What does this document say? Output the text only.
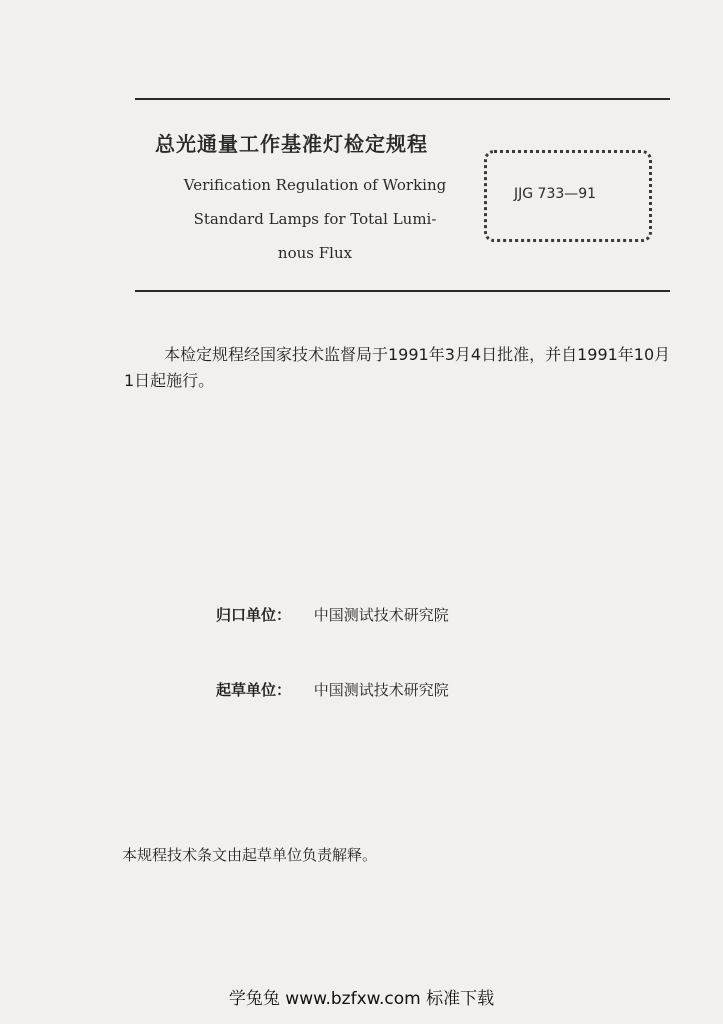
总光通量工作基准灯检定规程
Verification Regulation of Working
Standard Lamps for Total Lumi-
nous Flux
JJG 733—91
本检定规程经国家技术监督局于1991年3月4日批准，并自1991年10月1日起施行。
归口单位： 中国测试技术研究院
起草单位： 中国测试技术研究院
本规程技术条文由起草单位负责解释。
学兔兔 www.bzfxw.com 标准下载
